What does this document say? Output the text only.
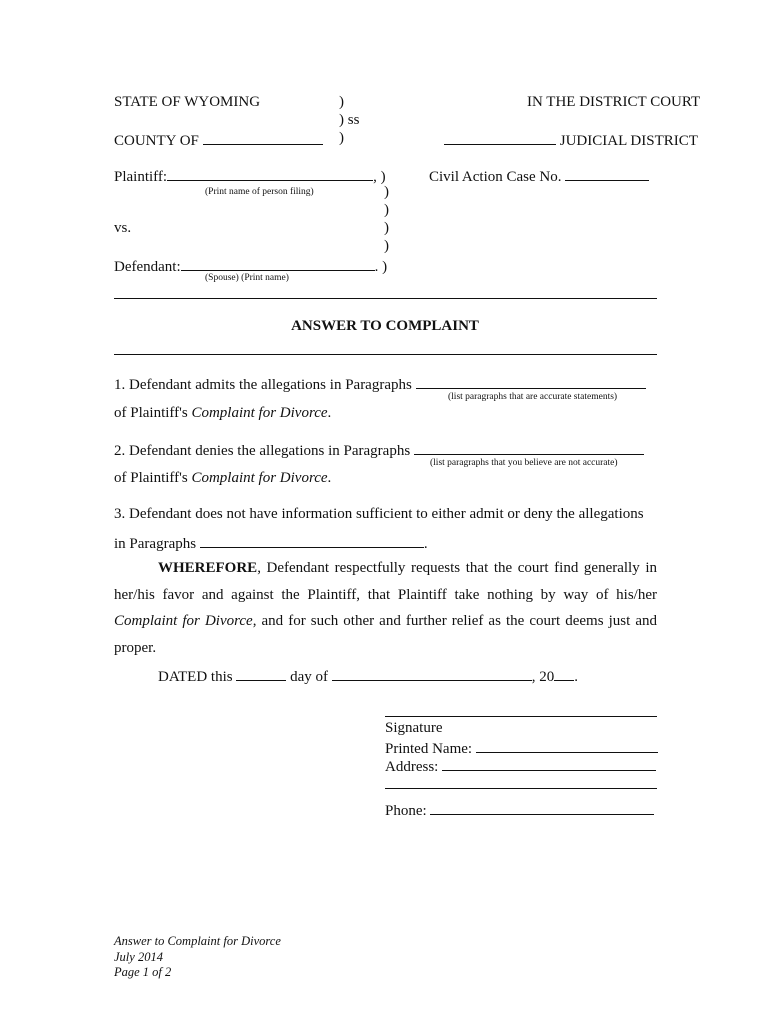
STATE OF WYOMING	)
) ss
)
IN THE DISTRICT COURT
COUNTY OF	JUDICIAL DISTRICT
Plaintiff:	, )
(Print name of person filing)
Civil Action Case No.
)
)
vs.	)
)
Defendant:	. )
(Spouse) (Print name)
ANSWER TO COMPLAINT
1. Defendant admits the allegations in Paragraphs
(list paragraphs that are accurate statements)
of Plaintiff's Complaint for Divorce.
2. Defendant denies the allegations in Paragraphs
(list paragraphs that you believe are not accurate)
of Plaintiff's Complaint for Divorce.
3. Defendant does not have information sufficient to either admit or deny the allegations
in Paragraphs	.
WHEREFORE, Defendant respectfully requests that the court find generally in her/his favor and against the Plaintiff, that Plaintiff take nothing by way of his/her Complaint for Divorce, and for such other and further relief as the court deems just and proper.
DATED this	day of	, 20 .
Signature
Printed Name:
Address:
Phone:
Answer to Complaint for Divorce
July 2014
Page 1 of 2
